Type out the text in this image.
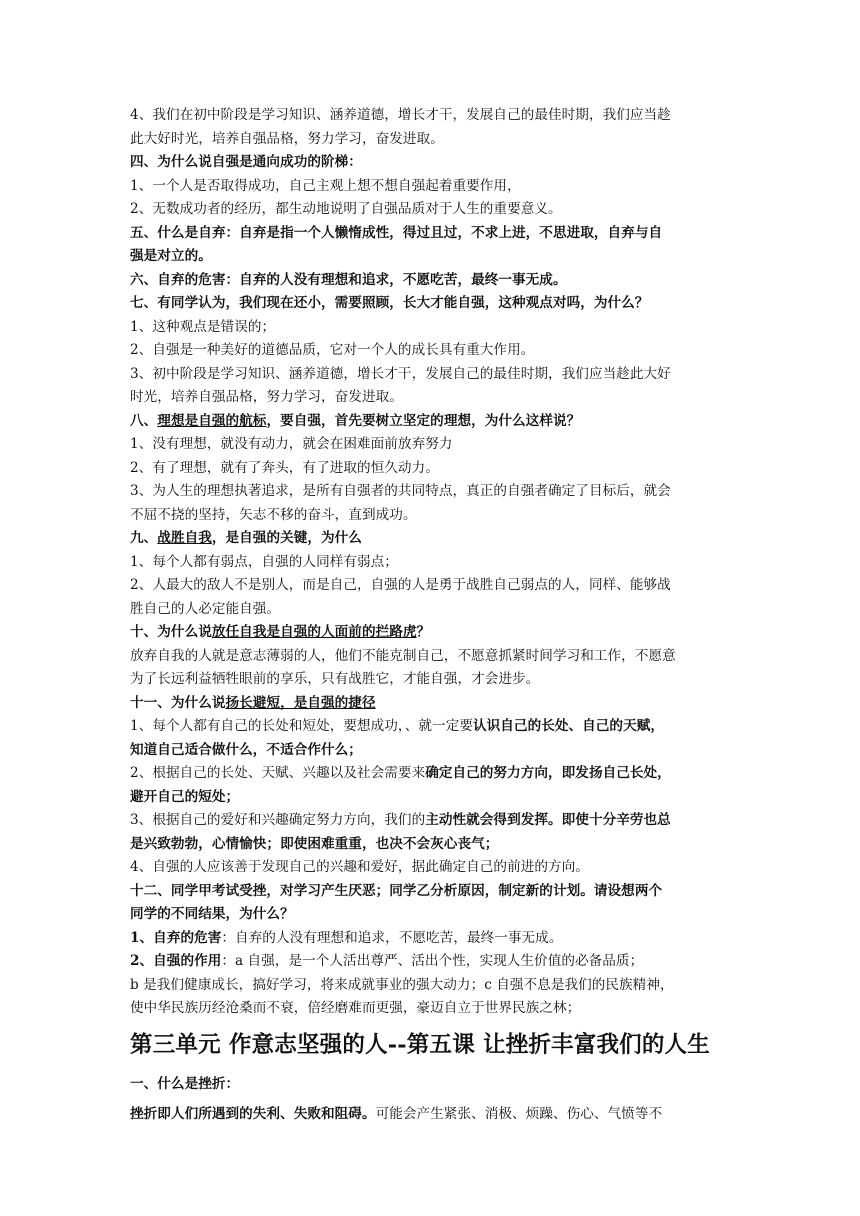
4、我们在初中阶段是学习知识、涵养道德，增长才干，发展自己的最佳时期，我们应当趁
此大好时光，培养自强品格，努力学习，奋发进取。
四、为什么说自强是通向成功的阶梯：
1、一个人是否取得成功，自己主观上想不想自强起着重要作用，
2、无数成功者的经历，都生动地说明了自强品质对于人生的重要意义。
五、什么是自弃：自弃是指一个人懒惰成性，得过且过，不求上进，不思进取，自弃与自
强是对立的。
六、自弃的危害：自弃的人没有理想和追求，不愿吃苦，最终一事无成。
七、有同学认为，我们现在还小，需要照顾，长大才能自强，这种观点对吗，为什么？
1、这种观点是错误的；
2、自强是一种美好的道德品质，它对一个人的成长具有重大作用。
3、初中阶段是学习知识、涵养道德，增长才干，发展自己的最佳时期，我们应当趁此大好
时光，培养自强品格，努力学习，奋发进取。
八、理想是自强的航标，要自强，首先要树立坚定的理想，为什么这样说？
1、没有理想，就没有动力，就会在困难面前放弃努力
2、有了理想，就有了奔头，有了进取的恒久动力。
3、为人生的理想执著追求，是所有自强者的共同特点，真正的自强者确定了目标后，就会
不屈不挠的坚持，矢志不移的奋斗，直到成功。
九、战胜自我，是自强的关键，为什么
1、每个人都有弱点，自强的人同样有弱点；
2、人最大的敌人不是别人，而是自己，自强的人是勇于战胜自己弱点的人，同样、能够战
胜自己的人必定能自强。
十、为什么说放任自我是自强的人面前的拦路虎？
放弃自我的人就是意志薄弱的人，他们不能克制自己，不愿意抓紧时间学习和工作，不愿意
为了长远利益牺牲眼前的享乐，只有战胜它，才能自强，才会进步。
十一、为什么说扬长避短，是自强的捷径
1、每个人都有自己的长处和短处，要想成功，、就一定要认识自己的长处、自己的天赋，
知道自己适合做什么，不适合作什么；
2、根据自己的长处、天赋、兴趣以及社会需要来确定自己的努力方向，即发扬自己长处，
避开自己的短处；
3、根据自己的爱好和兴趣确定努力方向，我们的主动性就会得到发挥。即使十分辛劳也总
是兴致勃勃，心情愉快；即使困难重重，也决不会灰心丧气；
4、自强的人应该善于发现自己的兴趣和爱好，据此确定自己的前进的方向。
十二、同学甲考试受挫，对学习产生厌恶；同学乙分析原因，制定新的计划。请设想两个
同学的不同结果，为什么？
1、自弃的危害：自弃的人没有理想和追求，不愿吃苦，最终一事无成。
2、自强的作用：a 自强，是一个人活出尊严、活出个性，实现人生价值的必备品质；
b 是我们健康成长，搞好学习，将来成就事业的强大动力；c 自强不息是我们的民族精神，
使中华民族历经沧桑而不衰，倍经磨难而更强，豪迈自立于世界民族之林；
第三单元 作意志坚强的人--第五课 让挫折丰富我们的人生
一、什么是挫折：
挫折即人们所遇到的失利、失败和阻碍。可能会产生紧张、消极、烦躁、伤心、气愤等不
